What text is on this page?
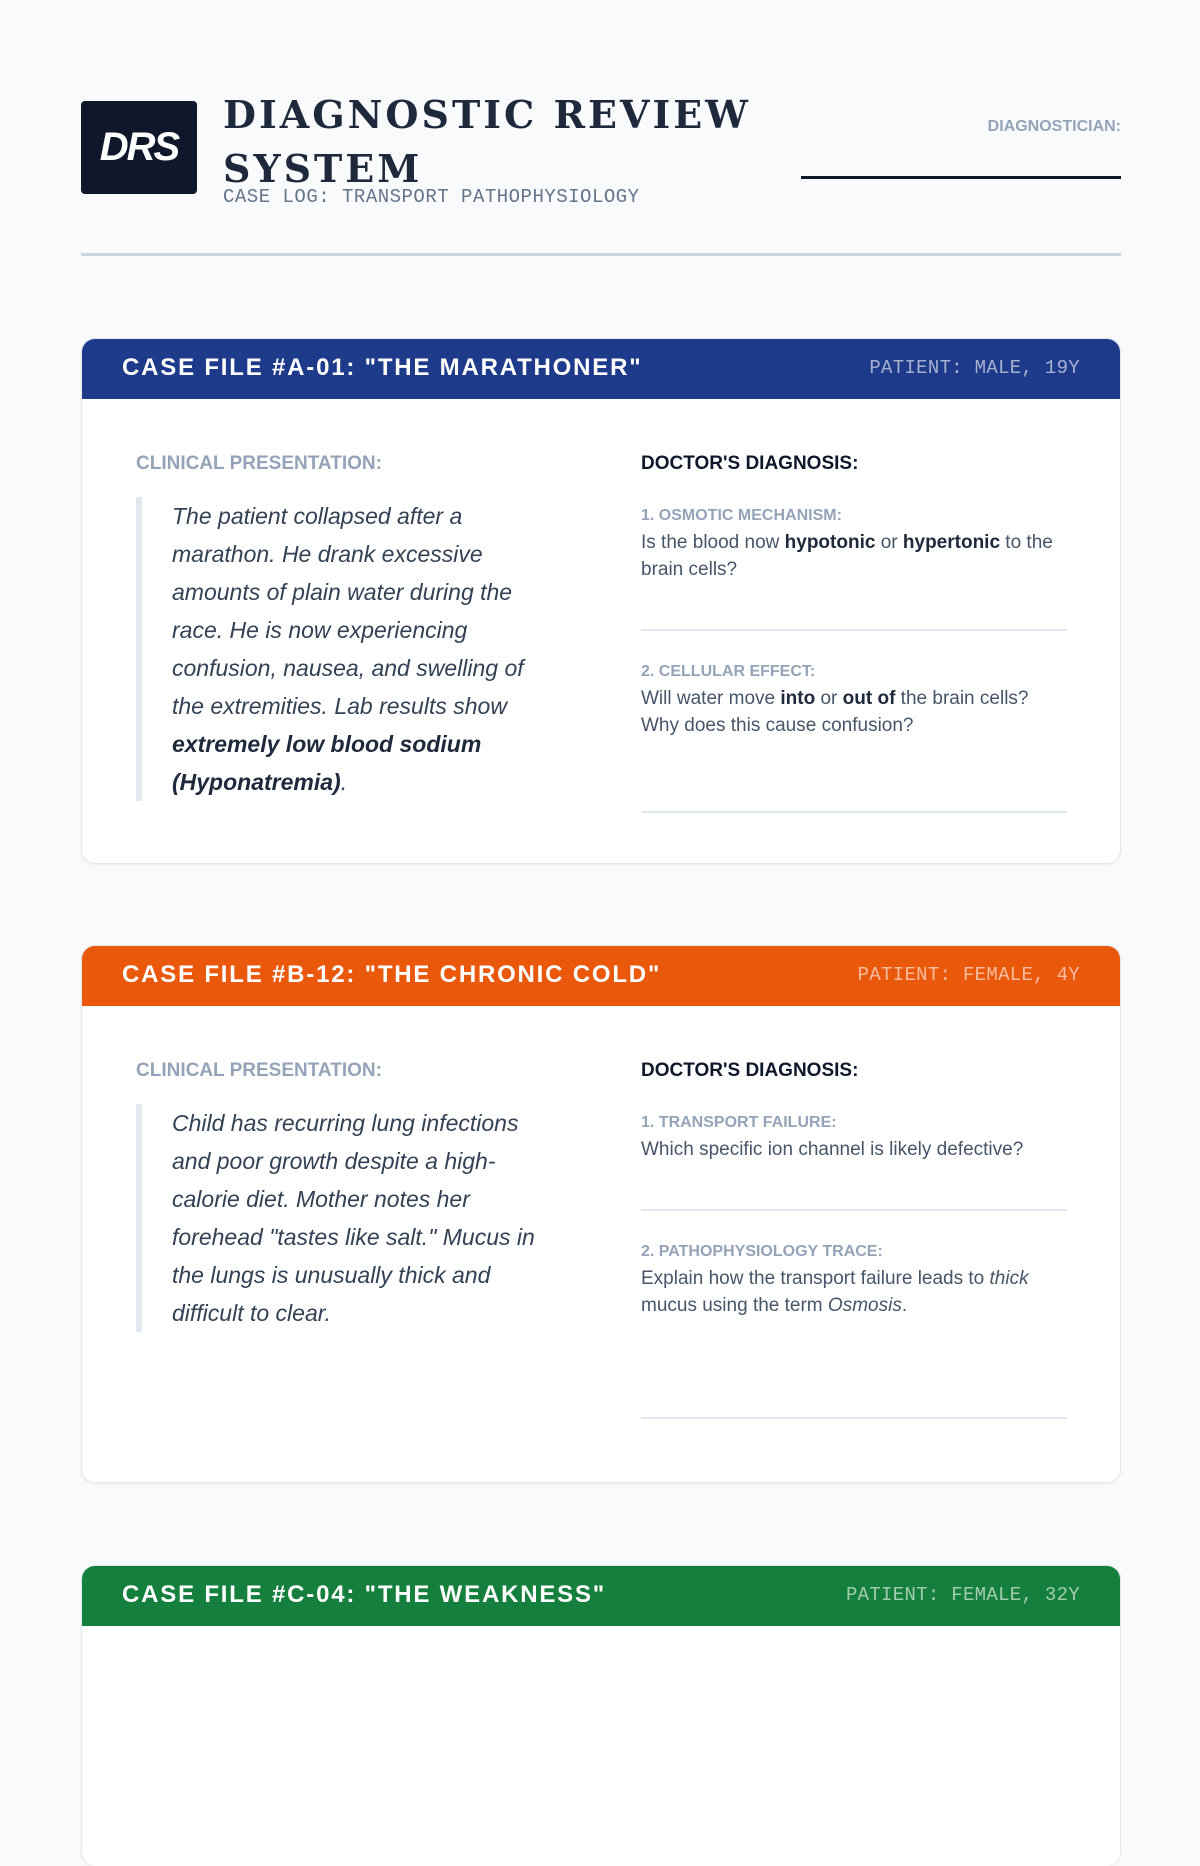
DRS
DIAGNOSTIC REVIEW SYSTEM
CASE LOG: TRANSPORT PATHOPHYSIOLOGY
DIAGNOSTICIAN:
CASE FILE #A-01: "THE MARATHONER"	PATIENT: MALE, 19Y
CLINICAL PRESENTATION:
The patient collapsed after a marathon. He drank excessive amounts of plain water during the race. He is now experiencing confusion, nausea, and swelling of the extremities. Lab results show extremely low blood sodium (Hyponatremia).
DOCTOR'S DIAGNOSIS:
1. OSMOTIC MECHANISM:
Is the blood now hypotonic or hypertonic to the brain cells?
2. CELLULAR EFFECT:
Will water move into or out of the brain cells? Why does this cause confusion?
CASE FILE #B-12: "THE CHRONIC COLD"	PATIENT: FEMALE, 4Y
CLINICAL PRESENTATION:
Child has recurring lung infections and poor growth despite a high-calorie diet. Mother notes her forehead "tastes like salt." Mucus in the lungs is unusually thick and difficult to clear.
DOCTOR'S DIAGNOSIS:
1. TRANSPORT FAILURE:
Which specific ion channel is likely defective?
2. PATHOPHYSIOLOGY TRACE:
Explain how the transport failure leads to thick mucus using the term Osmosis.
CASE FILE #C-04: "THE WEAKNESS"	PATIENT: FEMALE, 32Y
